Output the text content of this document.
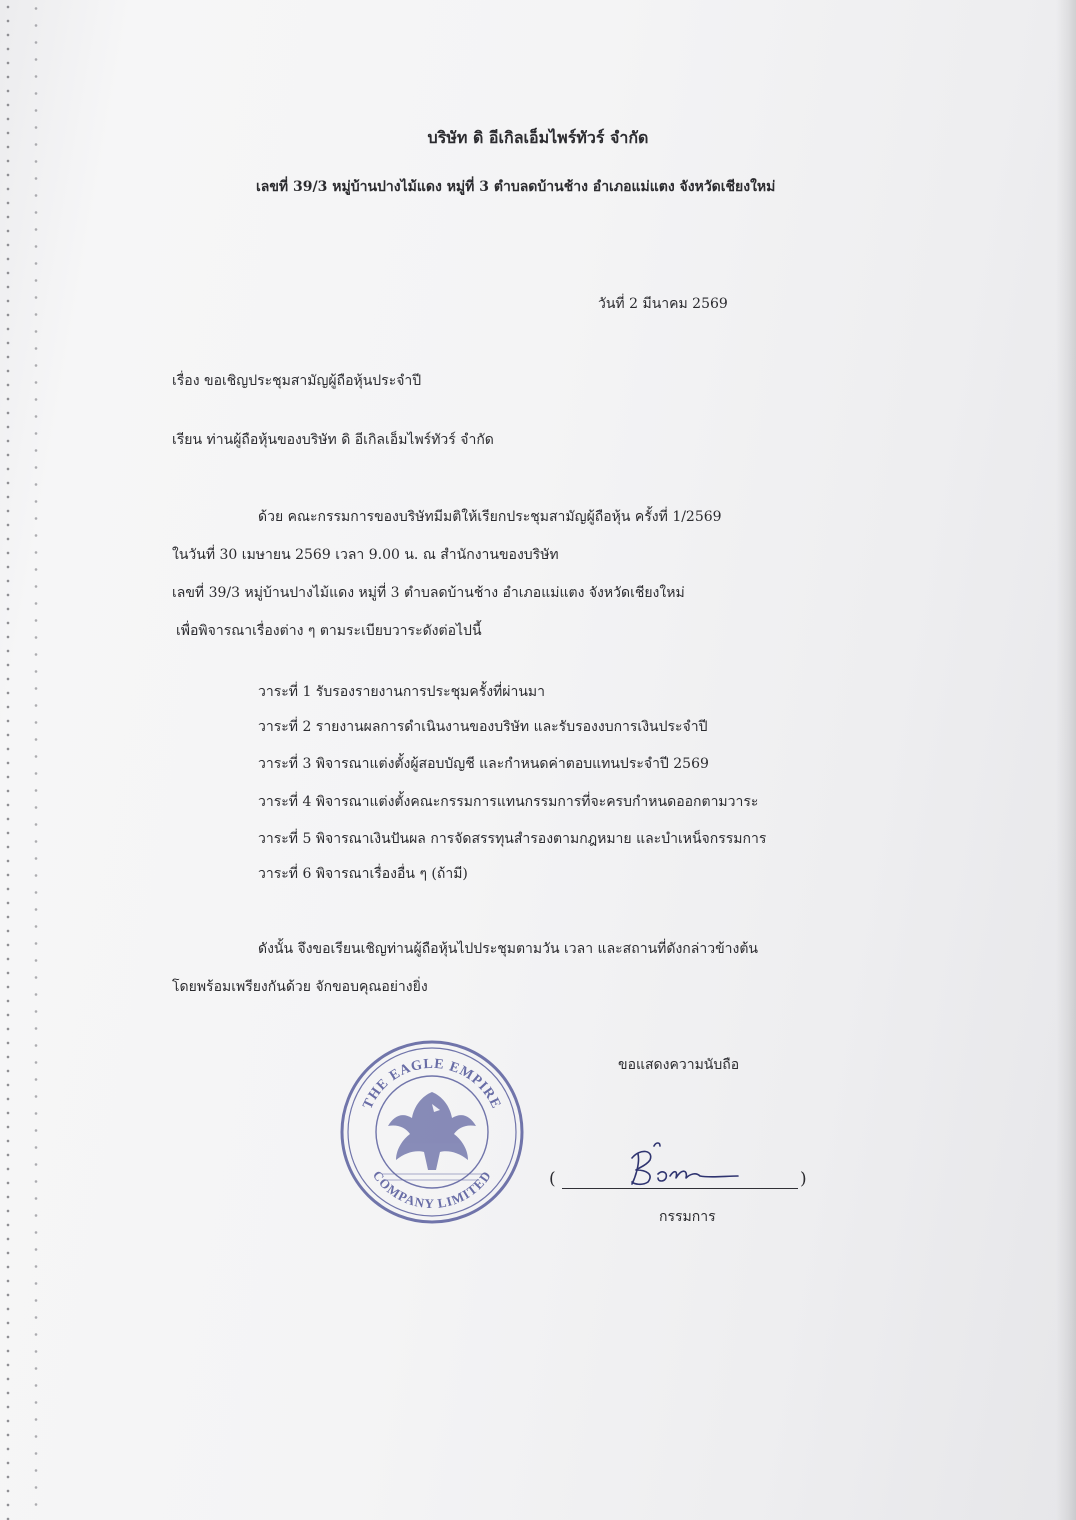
บริษัท ดิ อีเกิลเอ็มไพร์ทัวร์ จำกัด
เลขที่ 39/3 หมู่บ้านปางไม้แดง หมู่ที่ 3 ตำบลดบ้านช้าง อำเภอแม่แตง จังหวัดเชียงใหม่
วันที่ 2 มีนาคม 2569
เรื่อง ขอเชิญประชุมสามัญผู้ถือหุ้นประจำปี
เรียน ท่านผู้ถือหุ้นของบริษัท ดิ อีเกิลเอ็มไพร์ทัวร์ จำกัด
ด้วย คณะกรรมการของบริษัทมีมติให้เรียกประชุมสามัญผู้ถือหุ้น ครั้งที่ 1/2569
ในวันที่ 30 เมษายน 2569 เวลา 9.00 น. ณ สำนักงานของบริษัท
เลขที่ 39/3 หมู่บ้านปางไม้แดง หมู่ที่ 3 ตำบลดบ้านช้าง อำเภอแม่แตง จังหวัดเชียงใหม่
เพื่อพิจารณาเรื่องต่าง ๆ ตามระเบียบวาระดังต่อไปนี้
วาระที่ 1 รับรองรายงานการประชุมครั้งที่ผ่านมา
วาระที่ 2 รายงานผลการดำเนินงานของบริษัท และรับรองงบการเงินประจำปี
วาระที่ 3 พิจารณาแต่งตั้งผู้สอบบัญชี และกำหนดค่าตอบแทนประจำปี 2569
วาระที่ 4 พิจารณาแต่งตั้งคณะกรรมการแทนกรรมการที่จะครบกำหนดออกตามวาระ
วาระที่ 5 พิจารณาเงินปันผล การจัดสรรทุนสำรองตามกฎหมาย และบำเหน็จกรรมการ
วาระที่ 6 พิจารณาเรื่องอื่น ๆ (ถ้ามี)
ดังนั้น จึงขอเรียนเชิญท่านผู้ถือหุ้นไปประชุมตามวัน เวลา และสถานที่ดังกล่าวข้างต้น
โดยพร้อมเพรียงกันด้วย จักขอบคุณอย่างยิ่ง
THE EAGLE EMPIRE
COMPANY LIMITED
ขอแสดงความนับถือ
(	)
กรรมการ
